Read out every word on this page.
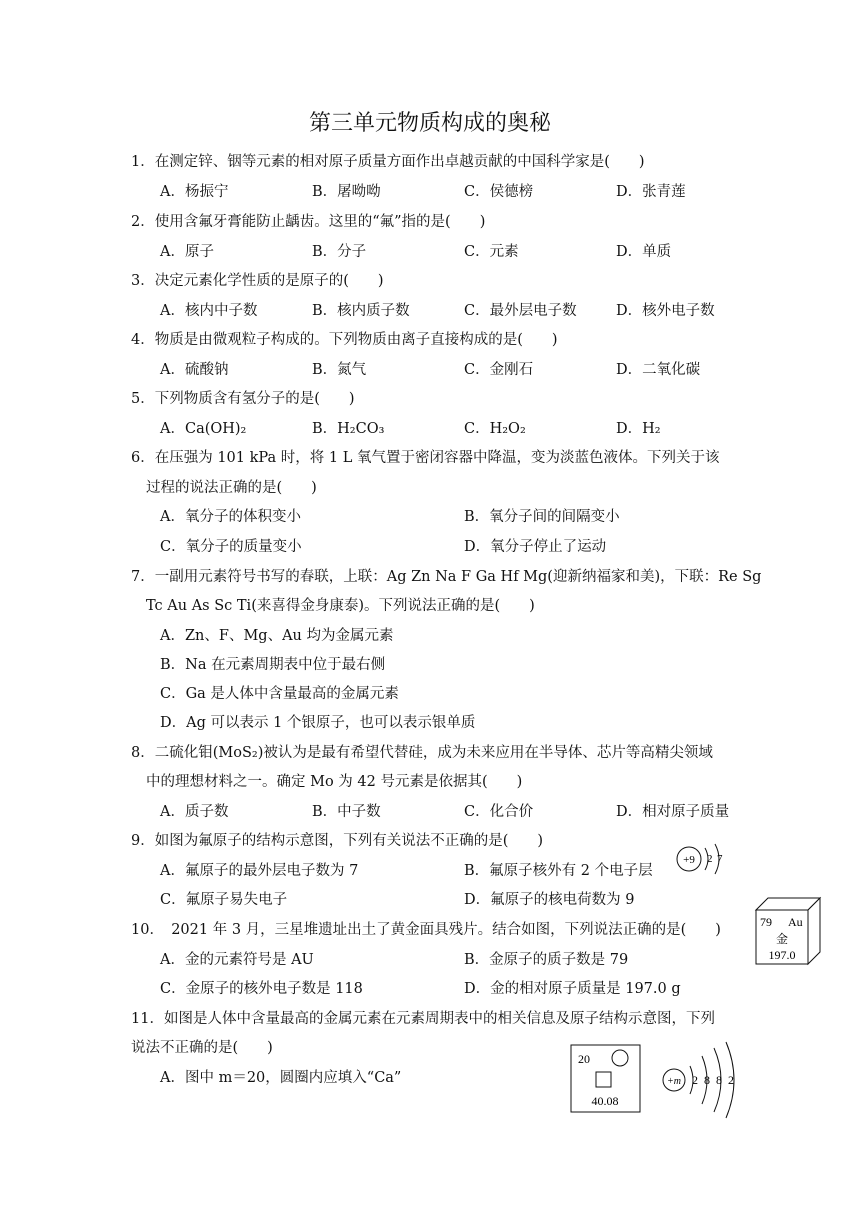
第三单元物质构成的奥秘
1．在测定锌、铟等元素的相对原子质量方面作出卓越贡献的中国科学家是(　　)
A．杨振宁	B．屠呦呦	C．侯德榜	D．张青莲
2．使用含氟牙膏能防止龋齿。这里的“氟”指的是(　　)
A．原子	B．分子	C．元素	D．单质
3．决定元素化学性质的是原子的(　　)
A．核内中子数	B．核内质子数	C．最外层电子数	D．核外电子数
4．物质是由微观粒子构成的。下列物质由离子直接构成的是(　　)
A．硫酸钠	B．氮气	C．金刚石	D．二氧化碳
5．下列物质含有氢分子的是(　　)
A．Ca(OH)₂	B．H₂CO₃	C．H₂O₂	D．H₂
6．在压强为 101 kPa 时，将 1 L 氧气置于密闭容器中降温，变为淡蓝色液体。下列关于该
过程的说法正确的是(　　)
A．氧分子的体积变小	B．氧分子间的间隔变小
C．氧分子的质量变小	D．氧分子停止了运动
7．一副用元素符号书写的春联，上联：Ag Zn Na F Ga Hf Mg(迎新纳福家和美)，下联：Re Sg
Tc Au As Sc Ti(来喜得金身康泰)。下列说法正确的是(　　)
A．Zn、F、Mg、Au 均为金属元素
B．Na 在元素周期表中位于最右侧
C．Ga 是人体中含量最高的金属元素
D．Ag 可以表示 1 个银原子，也可以表示银单质
8．二硫化钼(MoS₂)被认为是最有希望代替硅，成为未来应用在半导体、芯片等高精尖领域
中的理想材料之一。确定 Mo 为 42 号元素是依据其(　　)
A．质子数	B．中子数	C．化合价	D．相对原子质量
9．如图为氟原子的结构示意图，下列有关说法不正确的是(　　)
A．氟原子的最外层电子数为 7	B．氟原子核外有 2 个电子层
C．氟原子易失电子	D．氟原子的核电荷数为 9
+9 2 7
10．　2021 年 3 月，三星堆遗址出土了黄金面具残片。结合如图，下列说法正确的是(　　)
A．金的元素符号是 AU	B．金原子的质子数是 79
C．金原子的核外电子数是 118	D．金的相对原子质量是 197.0 g
79 Au
金
197.0
11．如图是人体中含量最高的金属元素在元素周期表中的相关信息及原子结构示意图，下列
说法不正确的是(　　)
A．图中 m＝20，圆圈内应填入“Ca”
20
40.08
+m 2 8 8 2
